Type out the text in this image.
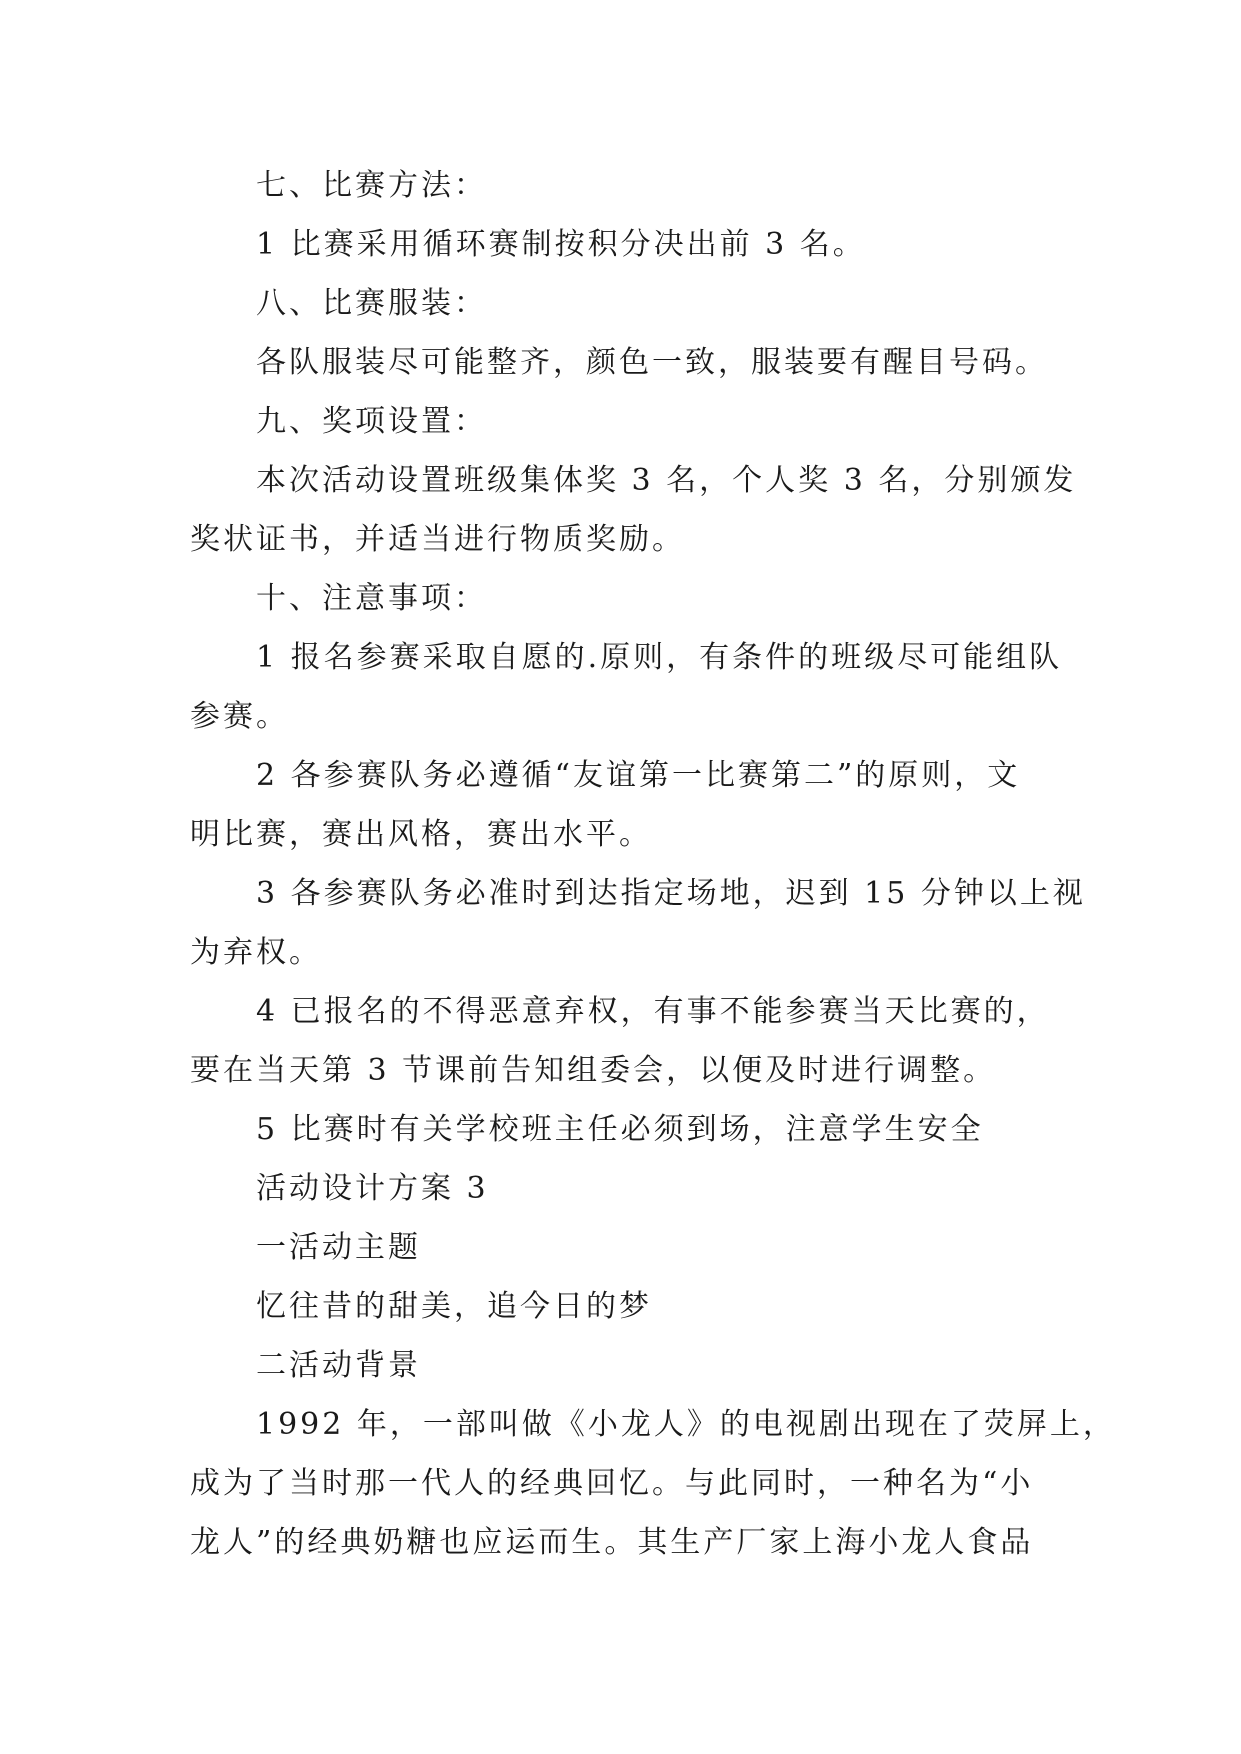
七、比赛方法：
1 比赛采用循环赛制按积分决出前 3 名。
八、比赛服装：
各队服装尽可能整齐，颜色一致，服装要有醒目号码。
九、奖项设置：
本次活动设置班级集体奖 3 名，个人奖 3 名，分别颁发
奖状证书，并适当进行物质奖励。
十、注意事项：
1 报名参赛采取自愿的.原则，有条件的班级尽可能组队
参赛。
2 各参赛队务必遵循“友谊第一比赛第二”的原则，文
明比赛，赛出风格，赛出水平。
3 各参赛队务必准时到达指定场地，迟到 15 分钟以上视
为弃权。
4 已报名的不得恶意弃权，有事不能参赛当天比赛的，
要在当天第 3 节课前告知组委会，以便及时进行调整。
5 比赛时有关学校班主任必须到场，注意学生安全
活动设计方案 3
一活动主题
忆往昔的甜美，追今日的梦
二活动背景
1992 年，一部叫做《小龙人》的电视剧出现在了荧屏上，
成为了当时那一代人的经典回忆。与此同时，一种名为“小
龙人”的经典奶糖也应运而生。其生产厂家上海小龙人食品
